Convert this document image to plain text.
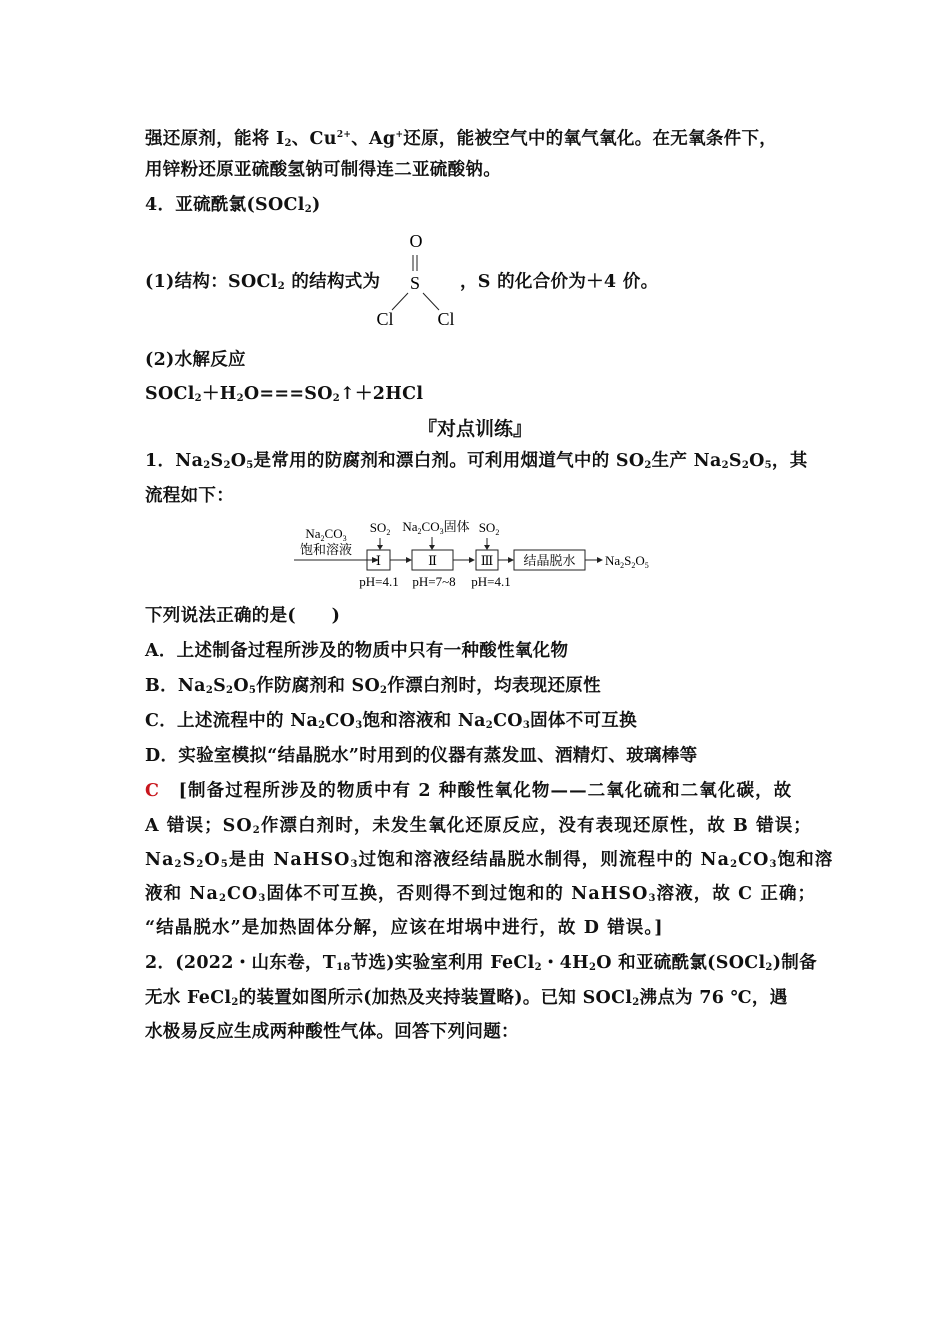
强还原剂，能将 $I_2$、$Cu^{2+}$、Ag+还原，能被空气中的氧气氧化。在无氧条件下，
用锌粉还原亚硫酸氢钠可制得连二亚硫酸钠。
4．亚硫酰氯(SOCl$_2$)
(1)结构：SOCl$_2$ 的结构式为
O
S
Cl Cl
，S 的化合价为＋4 价。
(2)水解反应
$SOCl_2+H_2O===SO_2↑+2HCl$
『对点训练』
1．$Na_2S_2O_5$是常用的防腐剂和漂白剂。可利用烟道气中的 $SO_2$生产 $Na_2S_2O_5$，其
流程如下：
$Na_2CO_3$
饱和溶液
$SO_2$
Ⅰ
$Na_2CO_3$固体
Ⅱ
$SO_2$
Ⅲ 结晶脱水 $Na_2S_2O_5$
pH=4.1 pH=7~8 pH=4.1
下列说法正确的是(　　)
A．上述制备过程所涉及的物质中只有一种酸性氧化物
B．$Na_2S_2O_5$作防腐剂和 $SO_2$作漂白剂时，均表现还原性
C．上述流程中的 $Na_2CO_3$饱和溶液和 $Na_2CO_3$固体不可互换
D．实验室模拟“结晶脱水”时用到的仪器有蒸发皿、酒精灯、玻璃棒等
C　 [制备过程所涉及的物质中有 2 种酸性氧化物——二氧化硫和二氧化碳，故
A 错误；$SO_2$作漂白剂时，未发生氧化还原反应，没有表现还原性，故 B 错误；
$Na_2S_2O_5$是由 NaHSO$_3$过饱和溶液经结晶脱水制得，则流程中的 $Na_2CO_3$饱和溶
液和 $Na_2CO_3$固体不可互换，否则得不到过饱和的 NaHSO$_3$溶液，故 C 正确；
“结晶脱水”是加热固体分解，应该在坩埚中进行，故 D 错误。]
2．(2022・山东卷，$T_{18}$节选)实验室利用 FeCl$_2$・$4H_2O$ 和亚硫酰氯(SOCl$_2$)制备
无水 FeCl$_2$的装置如图所示(加热及夹持装置略)。已知 SOCl$_2$沸点为 76 ℃，遇
水极易反应生成两种酸性气体。回答下列问题：
